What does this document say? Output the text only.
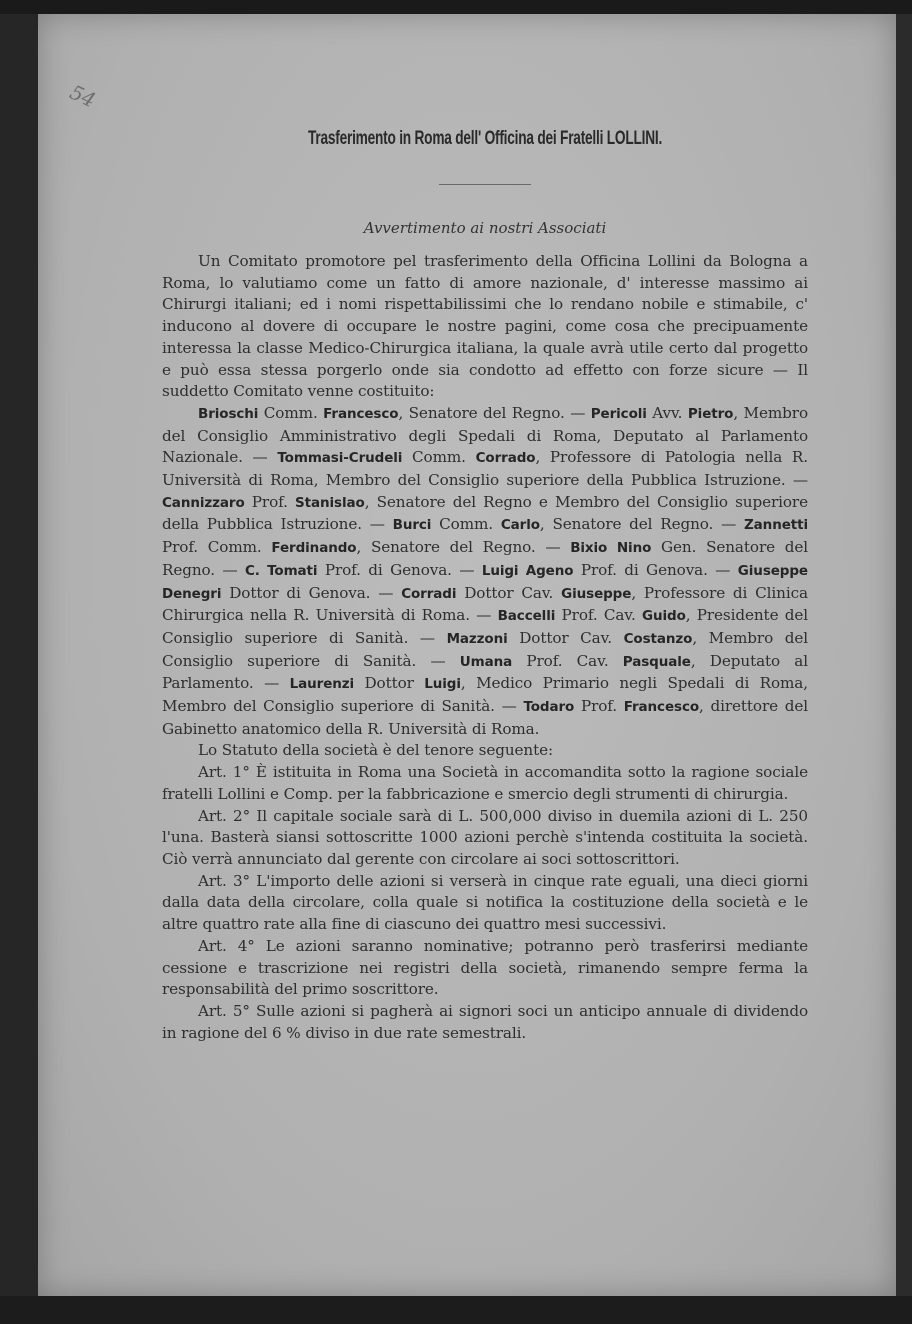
54
Trasferimento in Roma dell' Officina dei Fratelli LOLLINI.
Avvertimento ai nostri Associati

Un Comitato promotore pel trasferimento della Officina Lollini da Bologna a Roma, lo valutiamo come un fatto di amore nazionale, d' interesse massimo ai Chirurgi italiani; ed i nomi rispettabilissimi che lo rendano nobile e stimabile, c' inducono al dovere di occupare le nostre pagini, come cosa che precipuamente interessa la classe Medico-Chirurgica italiana, la quale avrà utile certo dal progetto e può essa stessa porgerlo onde sia condotto ad effetto con forze sicure — Il suddetto Comitato venne costituito:

Brioschi Comm. Francesco, Senatore del Regno. — Pericoli Avv. Pietro, Membro del Consiglio Amministrativo degli Spedali di Roma, Deputato al Parlamento Nazionale. — Tommasi-Crudeli Comm. Corrado, Professore di Patologia nella R. Università di Roma, Membro del Consiglio superiore della Pubblica Istruzione. — Cannizzaro Prof. Stanislao, Senatore del Regno e Membro del Consiglio superiore della Pubblica Istruzione. — Burci Comm. Carlo, Senatore del Regno. — Zannetti Prof. Comm. Ferdinando, Senatore del Regno. — Bixio Nino Gen. Senatore del Regno. — C. Tomati Prof. di Genova. — Luigi Ageno Prof. di Genova. — Giuseppe Denegri Dottor di Genova. — Corradi Dottor Cav. Giuseppe, Professore di Clinica Chirurgica nella R. Università di Roma. — Baccelli Prof. Cav. Guido, Presidente del Consiglio superiore di Sanità. — Mazzoni Dottor Cav. Costanzo, Membro del Consiglio superiore di Sanità. — Umana Prof. Cav. Pasquale, Deputato al Parlamento. — Laurenzi Dottor Luigi, Medico Primario negli Spedali di Roma, Membro del Consiglio superiore di Sanità. — Todaro Prof. Francesco, direttore del Gabinetto anatomico della R. Università di Roma.

Lo Statuto della società è del tenore seguente:

Art. 1° È istituita in Roma una Società in accomandita sotto la ragione sociale fratelli Lollini e Comp. per la fabbricazione e smercio degli strumenti di chirurgia.

Art. 2° Il capitale sociale sarà di L. 500,000 diviso in duemila azioni di L. 250 l'una. Basterà siansi sottoscritte 1000 azioni perchè s'intenda costituita la società. Ciò verrà annunciato dal gerente con circolare ai soci sottoscrittori.

Art. 3° L'importo delle azioni si verserà in cinque rate eguali, una dieci giorni dalla data della circolare, colla quale si notifica la costituzione della società e le altre quattro rate alla fine di ciascuno dei quattro mesi successivi.

Art. 4° Le azioni saranno nominative; potranno però trasferirsi mediante cessione e trascrizione nei registri della società, rimanendo sempre ferma la responsabilità del primo soscrittore.

Art. 5° Sulle azioni si pagherà ai signori soci un anticipo annuale di dividendo in ragione del 6 % diviso in due rate semestrali.
